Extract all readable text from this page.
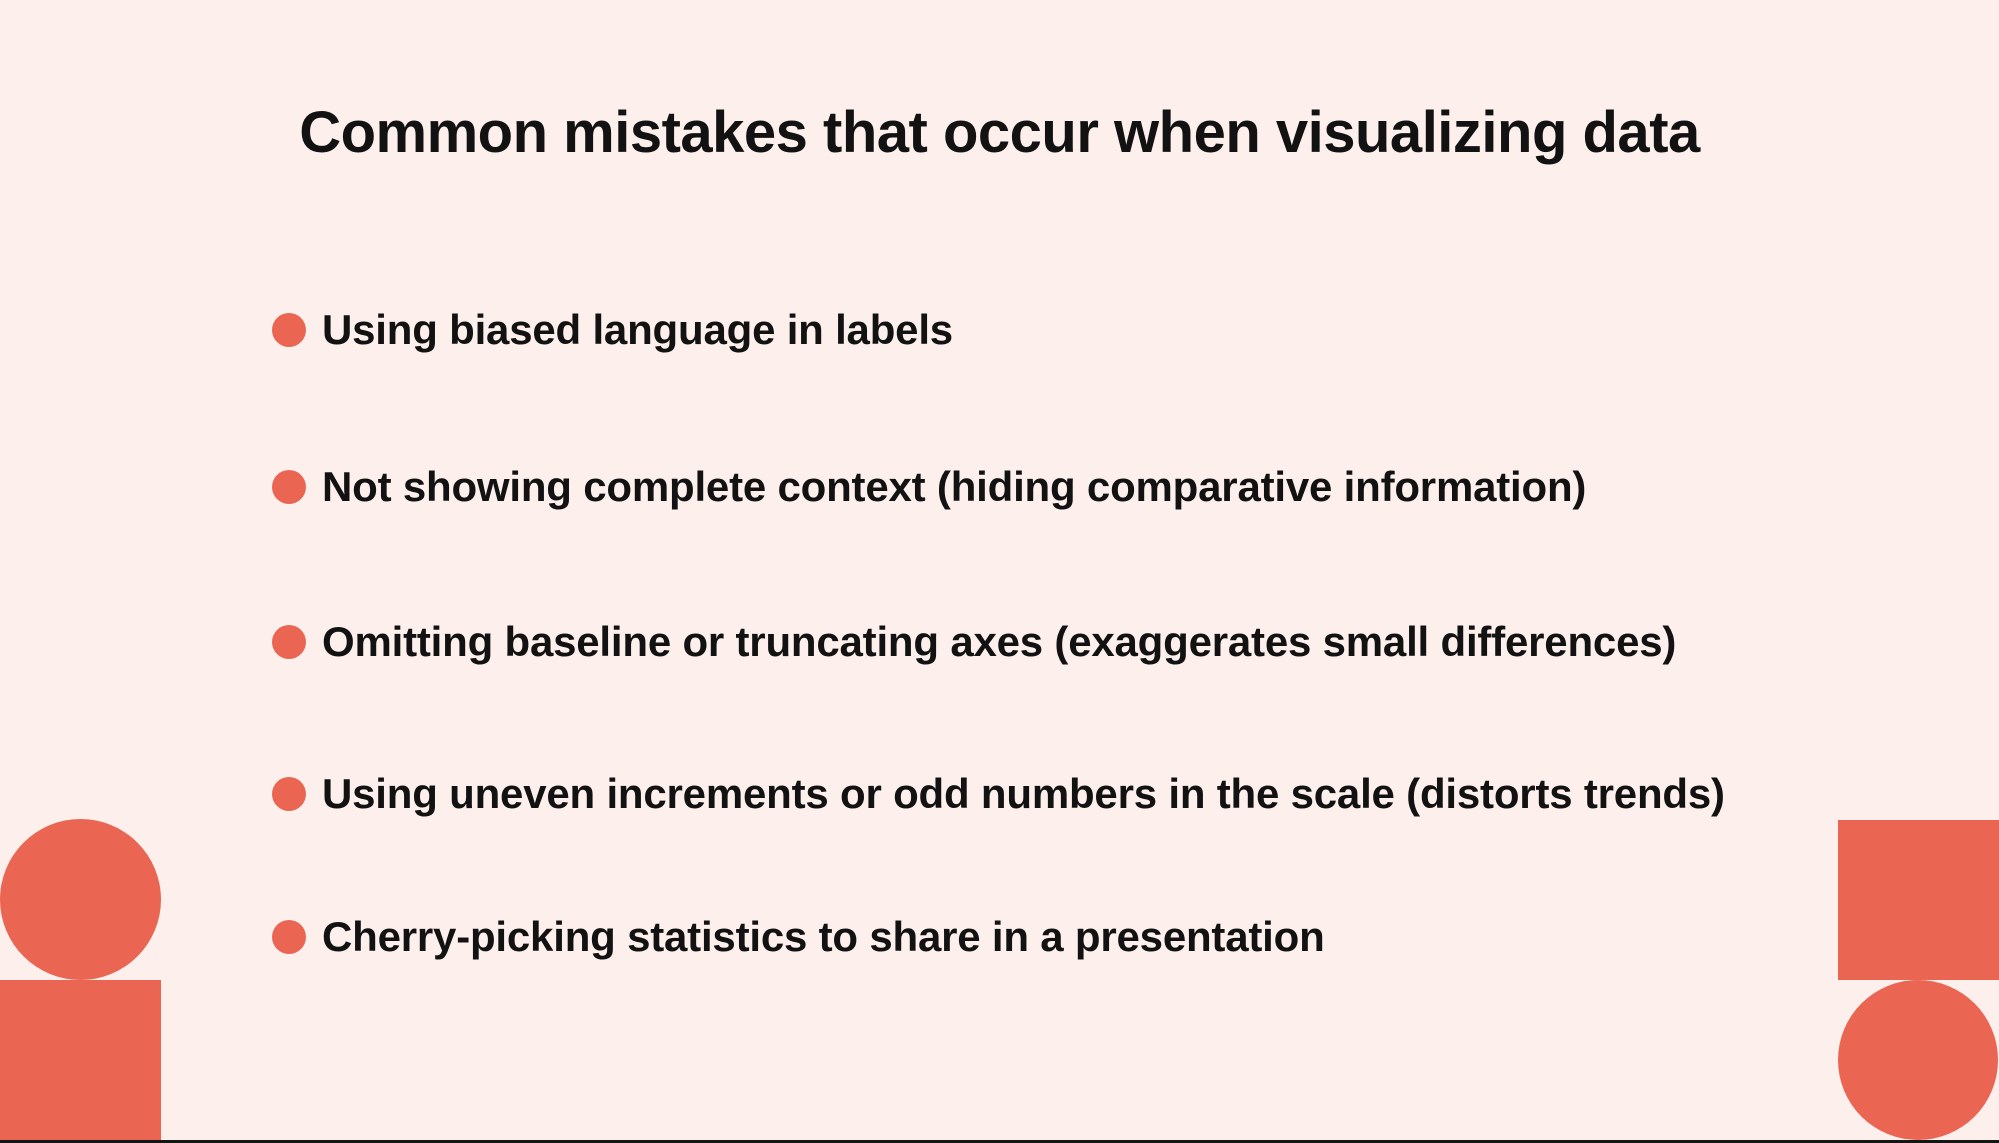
Common mistakes that occur when visualizing data
Using biased language in labels
Not showing complete context (hiding comparative information)
Omitting baseline or truncating axes (exaggerates small differences)
Using uneven increments or odd numbers in the scale (distorts trends)
Cherry-picking statistics to share in a presentation
